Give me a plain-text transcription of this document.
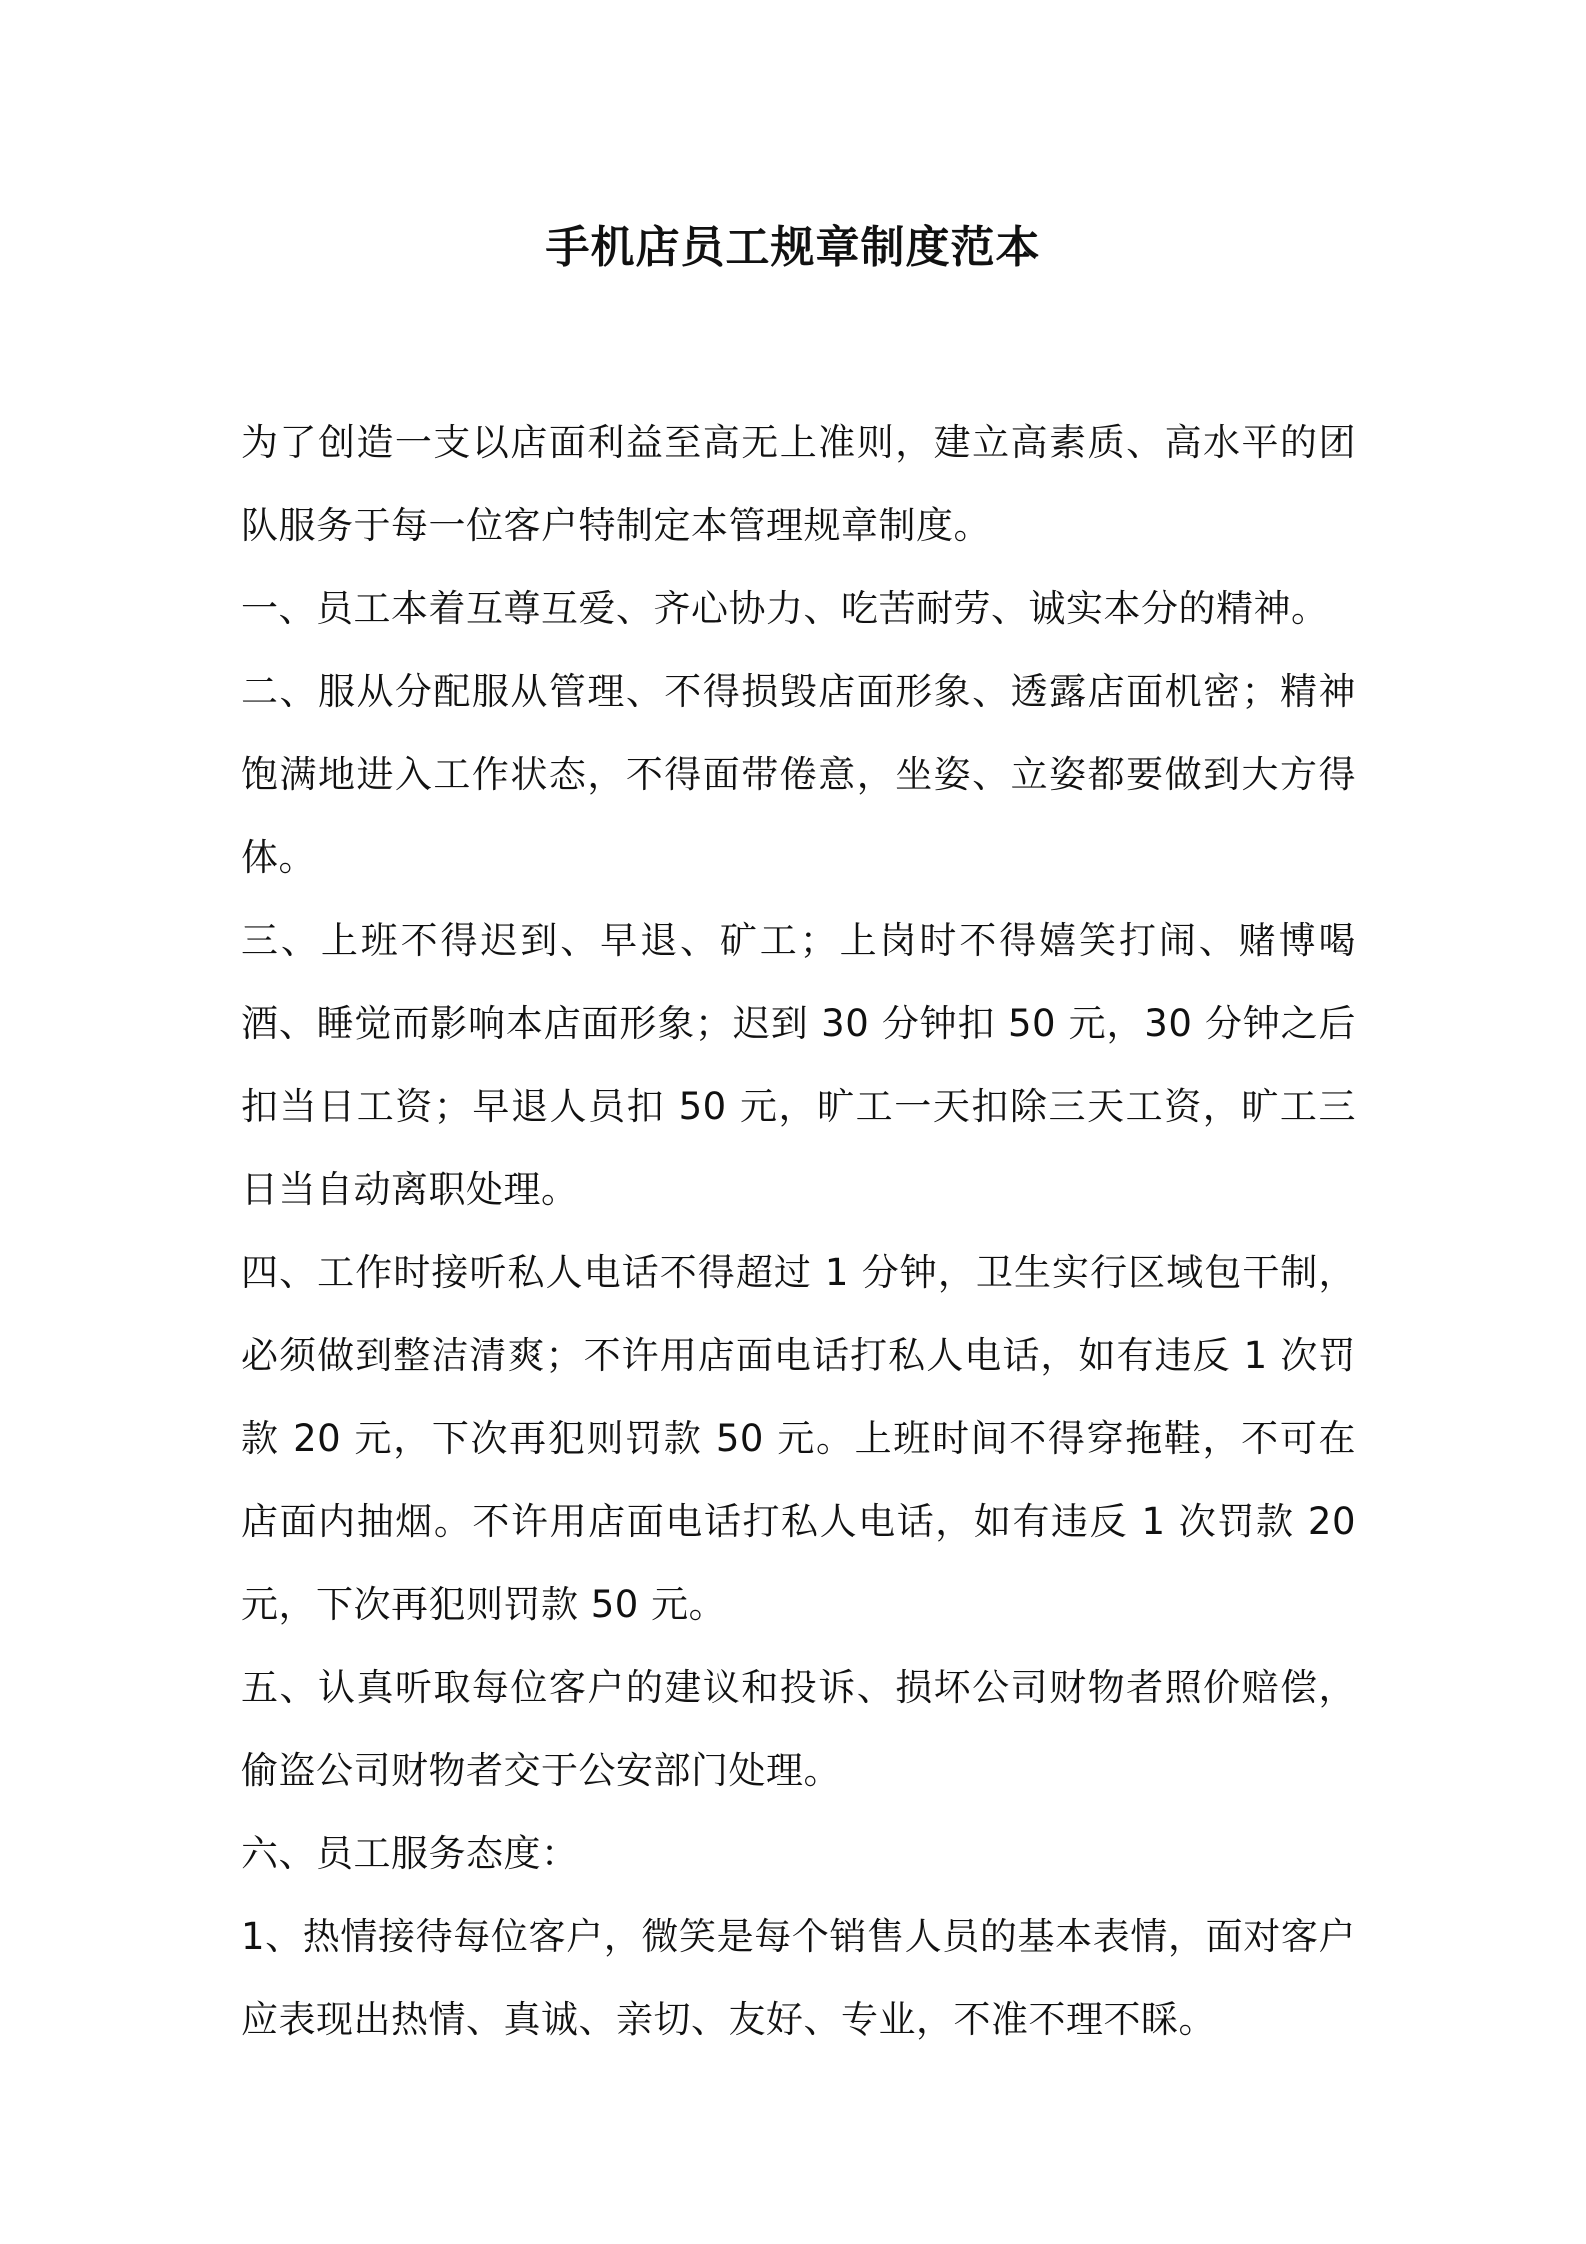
手机店员工规章制度范本

为了创造一支以店面利益至高无上准则，建立高素质、高水平的团队服务于每一位客户特制定本管理规章制度。

一、员工本着互尊互爱、齐心协力、吃苦耐劳、诚实本分的精神。

二、服从分配服从管理、不得损毁店面形象、透露店面机密；精神饱满地进入工作状态，不得面带倦意，坐姿、立姿都要做到大方得体。

三、上班不得迟到、早退、矿工；上岗时不得嬉笑打闹、赌博喝酒、睡觉而影响本店面形象；迟到 30 分钟扣 50 元，30 分钟之后扣当日工资；早退人员扣 50 元，旷工一天扣除三天工资，旷工三日当自动离职处理。

四、工作时接听私人电话不得超过 1 分钟，卫生实行区域包干制，必须做到整洁清爽；不许用店面电话打私人电话，如有违反 1 次罚款 20 元，下次再犯则罚款 50 元。上班时间不得穿拖鞋，不可在店面内抽烟。不许用店面电话打私人电话，如有违反 1 次罚款 20 元，下次再犯则罚款 50 元。

五、认真听取每位客户的建议和投诉、损坏公司财物者照价赔偿，偷盗公司财物者交于公安部门处理。

六、员工服务态度：

1、热情接待每位客户，微笑是每个销售人员的基本表情，面对客户应表现出热情、真诚、亲切、友好、专业，不准不理不睬。
